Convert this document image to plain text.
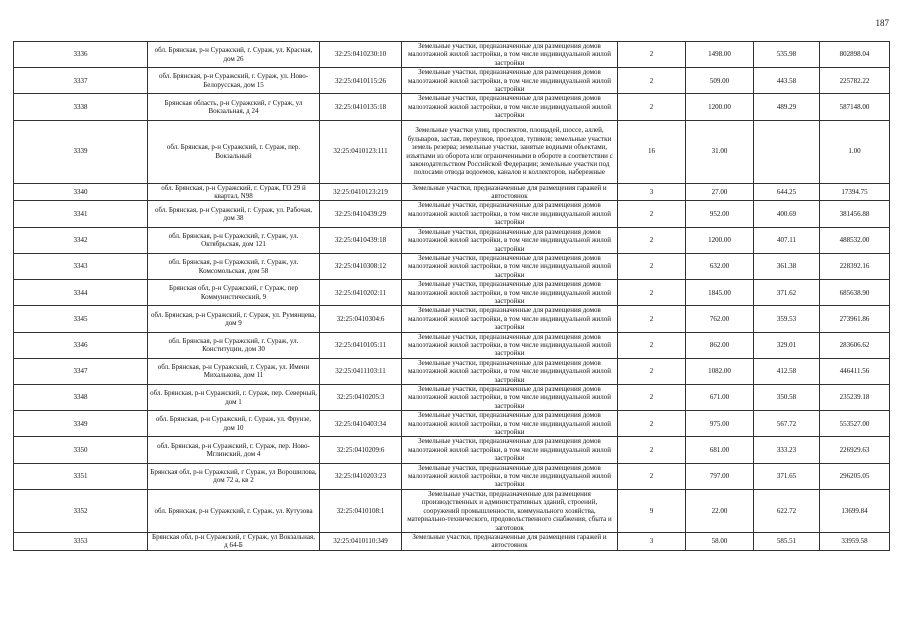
187
3336	обл. Брянская, р-н Суражский, г. Сураж, ул. Красная, дом 26	32:25:0410230:10	Земельные участки, предназначенные для размещения домов малоэтажной жилой застройки, в том числе индивидуальной жилой застройки	2	1498.00	535.98	802898.04
3337	обл. Брянская, р-н Суражский, г. Сураж, ул. Ново-Белорусская, дом 15	32:25:0410115:26	Земельные участки, предназначенные для размещения домов малоэтажной жилой застройки, в том числе индивидуальной жилой застройки	2	509.00	443.58	225782.22
3338	Брянская область, р-н Суражский, г Сураж, ул Вокзальная, д 24	32:25:0410135:18	Земельные участки, предназначенные для размещения домов малоэтажной жилой застройки, в том числе индивидуальной жилой застройки	2	1200.00	489.29	587148.00
3339	обл. Брянская, р-н Суражский, г. Сураж, пер. Вокзальный	32:25:0410123:111	Земельные участки улиц, проспектов, площадей, шоссе, аллей, бульваров, застав, переулков, проездов, тупиков; земельные участки земель резерва; земельные участки, занятые водными объектами, изъятыми из оборота или ограниченными в обороте в соответствии с законодательством Российской Федерации; земельные участки под полосами отвода водоемов, каналов и коллекторов, набережные	16	31.00		1.00
3340	обл. Брянская, р-н Суражский, г. Сураж, ГО 29 й квартал, N98	32:25:0410123:219	Земельные участки, предназначенные для размещения гаражей и автостоянок	3	27.00	644.25	17394.75
3341	обл. Брянская, р-н Суражский, г. Сураж, ул. Рабочая, дом 38	32:25:0410439:29	Земельные участки, предназначенные для размещения домов малоэтажной жилой застройки, в том числе индивидуальной жилой застройки	2	952.00	400.69	381456.88
3342	обл. Брянская, р-н Суражский, г. Сураж, ул. Октябрьская, дом 121	32:25:0410439:18	Земельные участки, предназначенные для размещения домов малоэтажной жилой застройки, в том числе индивидуальной жилой застройки	2	1200.00	407.11	488532.00
3343	обл. Брянская, р-н Суражский, г. Сураж, ул. Комсомольская, дом 58	32:25:0410308:12	Земельные участки, предназначенные для размещения домов малоэтажной жилой застройки, в том числе индивидуальной жилой застройки	2	632.00	361.38	228392.16
3344	Брянская обл, р-н Суражский, г Сураж, пер Коммунистический, 9	32:25:0410202:11	Земельные участки, предназначенные для размещения домов малоэтажной жилой застройки, в том числе индивидуальной жилой застройки	2	1845.00	371.62	685638.90
3345	обл. Брянская, р-н Суражский, г. Сураж, ул. Румянцева, дом 9	32:25:0410304:6	Земельные участки, предназначенные для размещения домов малоэтажной жилой застройки, в том числе индивидуальной жилой застройки	2	762.00	359.53	273961.86
3346	обл. Брянская, р-н Суражский, г. Сураж, ул. Конституции, дом 30	32:25:0410105:11	Земельные участки, предназначенные для размещения домов малоэтажной жилой застройки, в том числе индивидуальной жилой застройки	2	862.00	329.01	283606.62
3347	обл. Брянская, р-н Суражский, г. Сураж, ул. Имени Михалькова, дом 11	32:25:0411103:11	Земельные участки, предназначенные для размещения домов малоэтажной жилой застройки, в том числе индивидуальной жилой застройки	2	1082.00	412.58	446411.56
3348	обл. Брянская, р-н Суражский, г. Сураж, пер. Северный, дом 1	32:25:0410205:3	Земельные участки, предназначенные для размещения домов малоэтажной жилой застройки, в том числе индивидуальной жилой застройки	2	671.00	350.58	235239.18
3349	обл. Брянская, р-н Суражский, г. Сураж, ул. Фрунзе, дом 10	32:25:0410403:34	Земельные участки, предназначенные для размещения домов малоэтажной жилой застройки, в том числе индивидуальной жилой застройки	2	975.00	567.72	553527.00
3350	обл. Брянская, р-н Суражский, г. Сураж, пер. Ново-Мглинский, дом 4	32:25:0410209:6	Земельные участки, предназначенные для размещения домов малоэтажной жилой застройки, в том числе индивидуальной жилой застройки	2	681.00	333.23	226929.63
3351	Брянская обл, р-н Суражский, г Сураж, ул Ворошилова, дом 72 а, кв 2	32:25:0410203:23	Земельные участки, предназначенные для размещения домов малоэтажной жилой застройки, в том числе индивидуальной жилой застройки	2	797.00	371.65	296205.05
3352	обл. Брянская, р-н Суражский, г. Сураж, ул. Кутузова	32:25:0410108:1	Земельные участки, предназначенные для размещения производственных и административных зданий, строений, сооружений промышленности, коммунального хозяйства, материально-технического, продовольственного снабжения, сбыта и заготовок	9	22.00	622.72	13699.84
3353	Брянская обл, р-н Суражский, г Сураж, ул Вокзальная, д 64-Б	32:25:0410110:349	Земельные участки, предназначенные для размещения гаражей и автостоянок	3	58.00	585.51	33959.58
